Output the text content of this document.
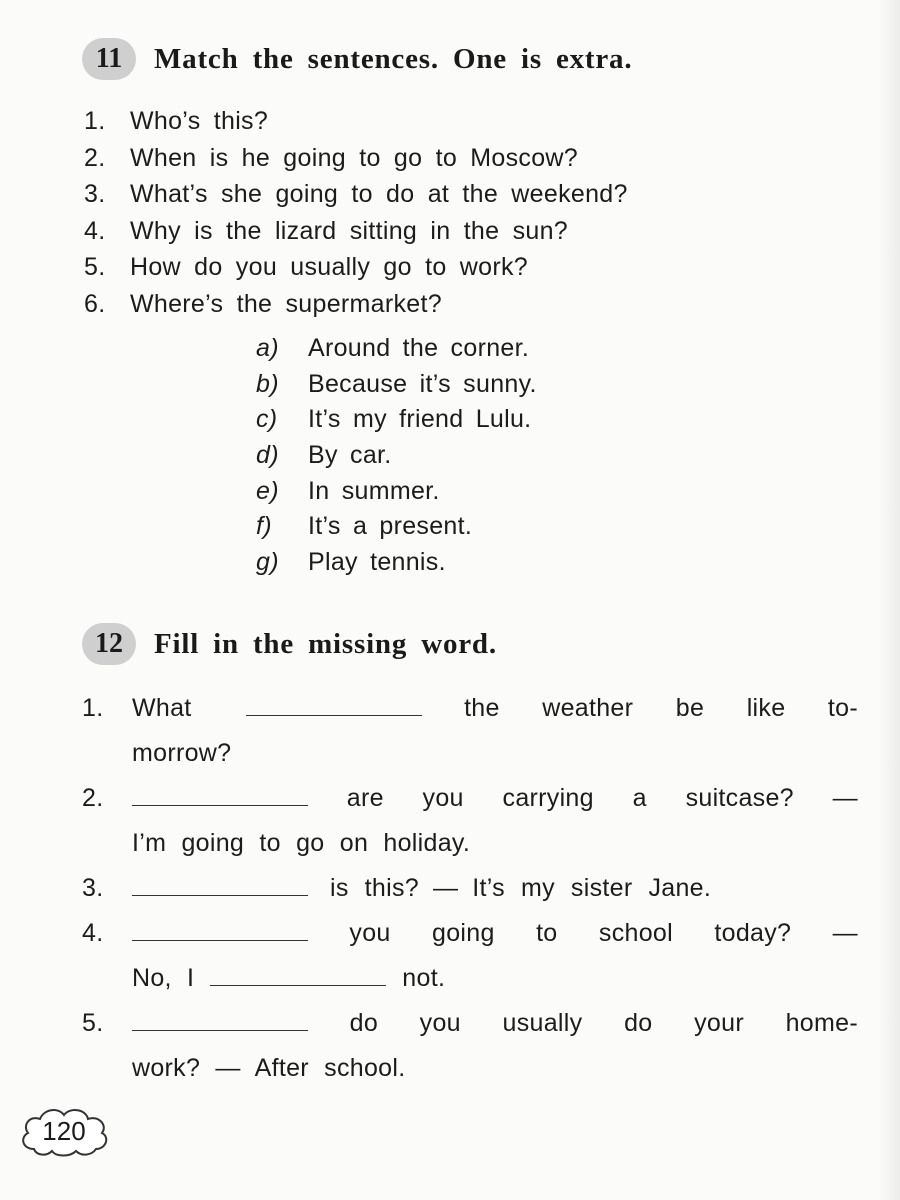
11	Match the sentences. One is extra.
1. Who’s this?
2. When is he going to go to Moscow?
3. What’s she going to do at the weekend?
4. Why is the lizard sitting in the sun?
5. How do you usually go to work?
6. Where’s the supermarket?
a) Around the corner.
b) Because it’s sunny.
c) It’s my friend Lulu.
d) By car.
e) In summer.
f) It’s a present.
g) Play tennis.
12	Fill in the missing word.
1.	What	the weather be like to-
morrow?
2.	are you carrying a suitcase? —
I’m going to go on holiday.
3.	is this? — It’s my sister Jane.
4.	you going to school today? —
No, I	not.
5.	do you usually do your home-
work? — After school.
120
